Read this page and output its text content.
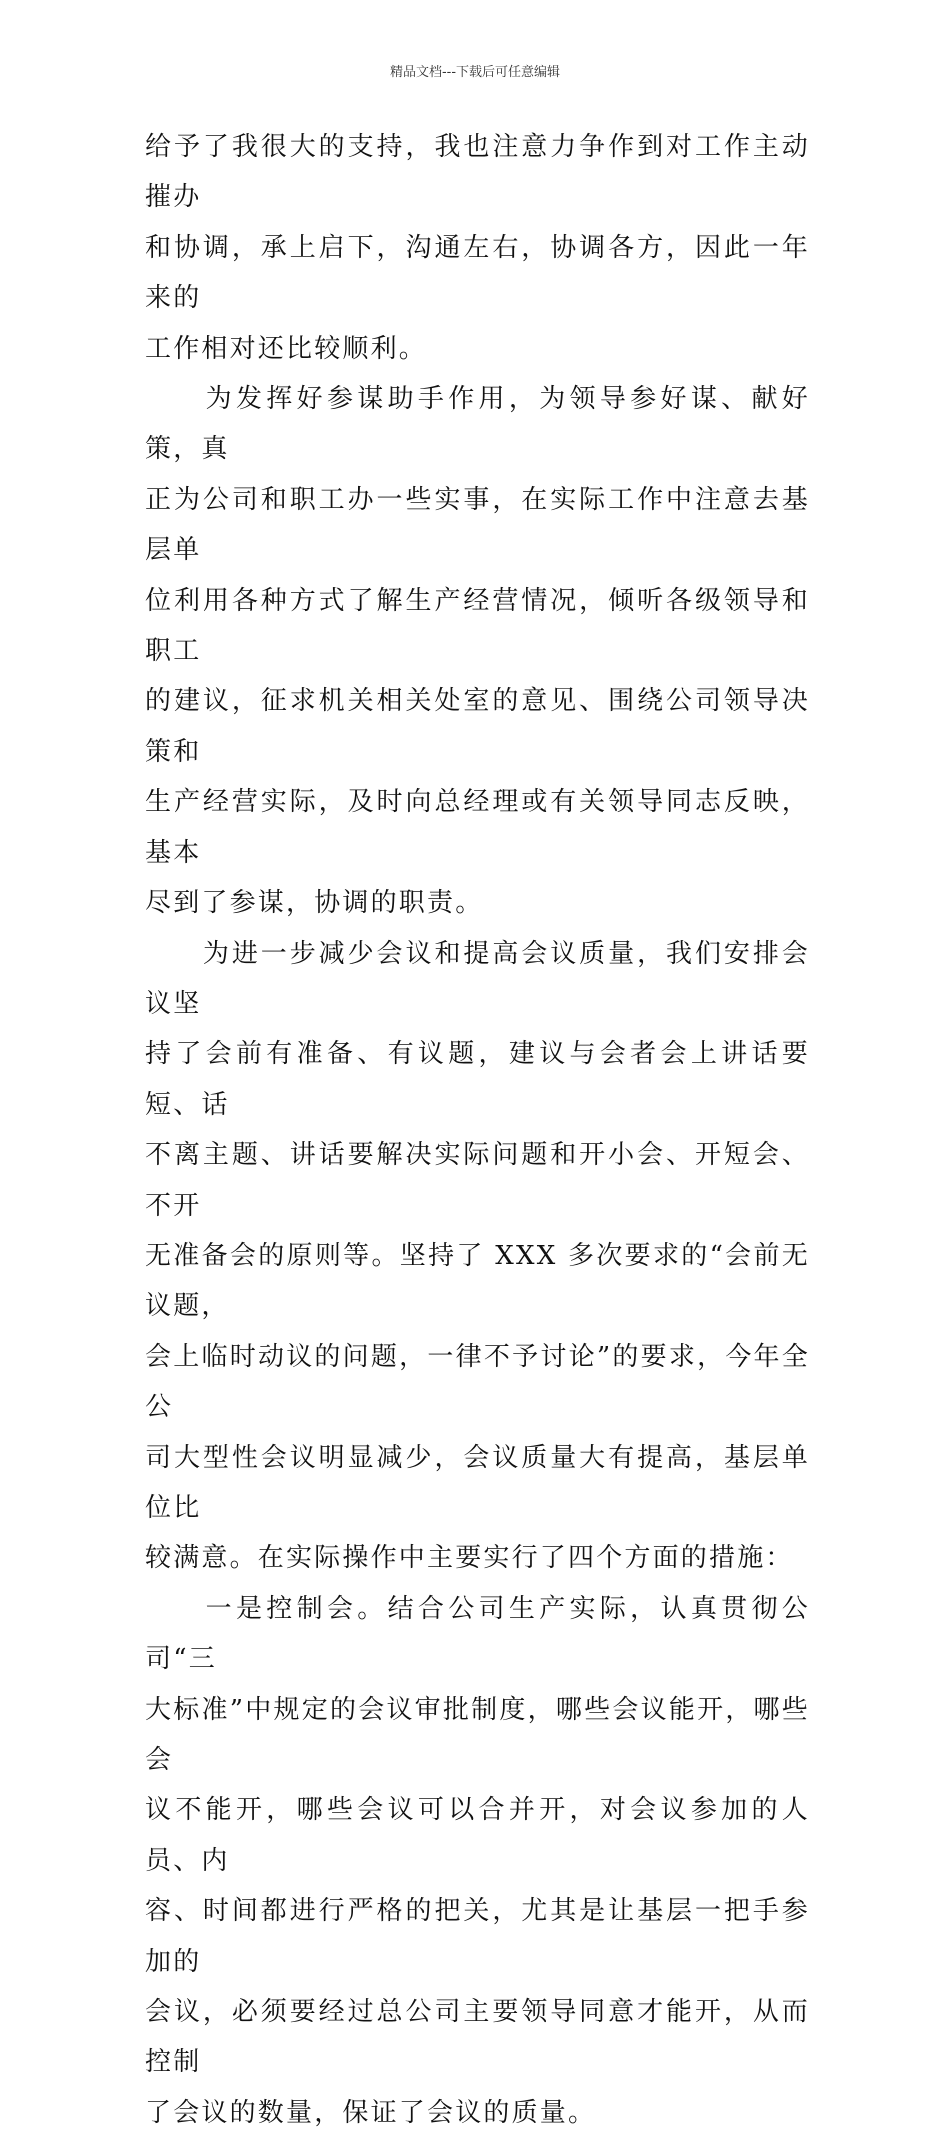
精品文档---下载后可任意编辑

给予了我很大的支持，我也注意力争作到对工作主动摧办
和协调，承上启下，沟通左右，协调各方，因此一年来的
工作相对还比较顺利。

　　为发挥好参谋助手作用，为领导参好谋、献好策，真
正为公司和职工办一些实事，在实际工作中注意去基层单
位利用各种方式了解生产经营情况，倾听各级领导和职工
的建议，征求机关相关处室的意见、围绕公司领导决策和
生产经营实际，及时向总经理或有关领导同志反映，基本
尽到了参谋，协调的职责。

　　为进一步减少会议和提高会议质量，我们安排会议坚
持了会前有准备、有议题，建议与会者会上讲话要短、话
不离主题、讲话要解决实际问题和开小会、开短会、不开
无准备会的原则等。坚持了 XXX 多次要求的“会前无议题，
会上临时动议的问题，一律不予讨论”的要求，今年全公
司大型性会议明显减少，会议质量大有提高，基层单位比
较满意。在实际操作中主要实行了四个方面的措施：

　　一是控制会。结合公司生产实际，认真贯彻公司“三
大标准”中规定的会议审批制度，哪些会议能开，哪些会
议不能开，哪些会议可以合并开，对会议参加的人员、内
容、时间都进行严格的把关，尤其是让基层一把手参加的
会议，必须要经过总公司主要领导同意才能开，从而控制
了会议的数量，保证了会议的质量。
